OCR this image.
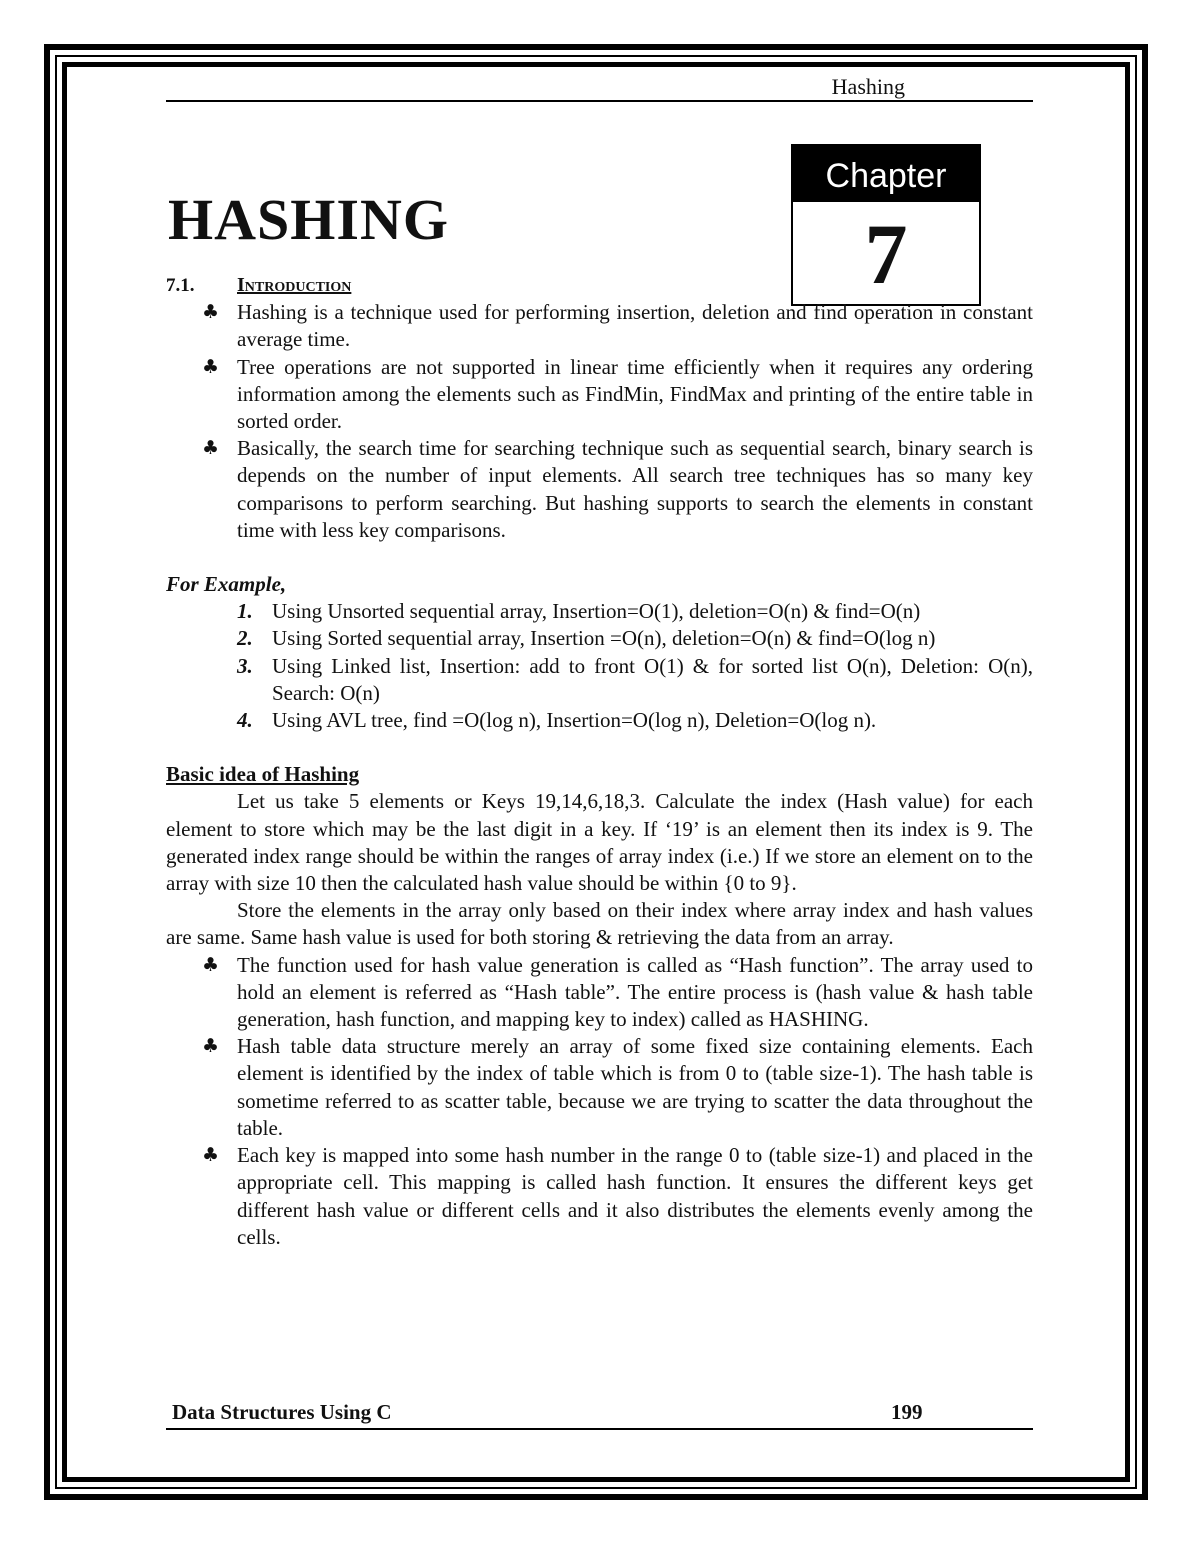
Hashing
Chapter
7
HASHING
7.1. Introduction
♣ Hashing is a technique used for performing insertion, deletion and find operation in constant average time.
♣ Tree operations are not supported in linear time efficiently when it requires any ordering information among the elements such as FindMin, FindMax and printing of the entire table in sorted order.
♣ Basically, the search time for searching technique such as sequential search, binary search is depends on the number of input elements. All search tree techniques has so many key comparisons to perform searching. But hashing supports to search the elements in constant time with less key comparisons.
For Example,
1. Using Unsorted sequential array, Insertion=O(1), deletion=O(n) & find=O(n)
2. Using Sorted sequential array, Insertion =O(n), deletion=O(n) & find=O(log n)
3. Using Linked list, Insertion: add to front O(1) & for sorted list O(n), Deletion: O(n), Search: O(n)
4. Using AVL tree, find =O(log n), Insertion=O(log n), Deletion=O(log n).
Basic idea of Hashing

Let us take 5 elements or Keys 19,14,6,18,3. Calculate the index (Hash value) for each element to store which may be the last digit in a key. If ‘19’ is an element then its index is 9. The generated index range should be within the ranges of array index (i.e.) If we store an element on to the array with size 10 then the calculated hash value should be within {0 to 9}.

Store the elements in the array only based on their index where array index and hash values are same. Same hash value is used for both storing & retrieving the data from an array.

♣ The function used for hash value generation is called as “Hash function”. The array used to hold an element is referred as “Hash table”. The entire process is (hash value & hash table generation, hash function, and mapping key to index) called as HASHING.
♣ Hash table data structure merely an array of some fixed size containing elements. Each element is identified by the index of table which is from 0 to (table size-1). The hash table is sometime referred to as scatter table, because we are trying to scatter the data throughout the table.
♣ Each key is mapped into some hash number in the range 0 to (table size-1) and placed in the appropriate cell. This mapping is called hash function. It ensures the different keys get different hash value or different cells and it also distributes the elements evenly among the cells.
Data Structures Using C	199
